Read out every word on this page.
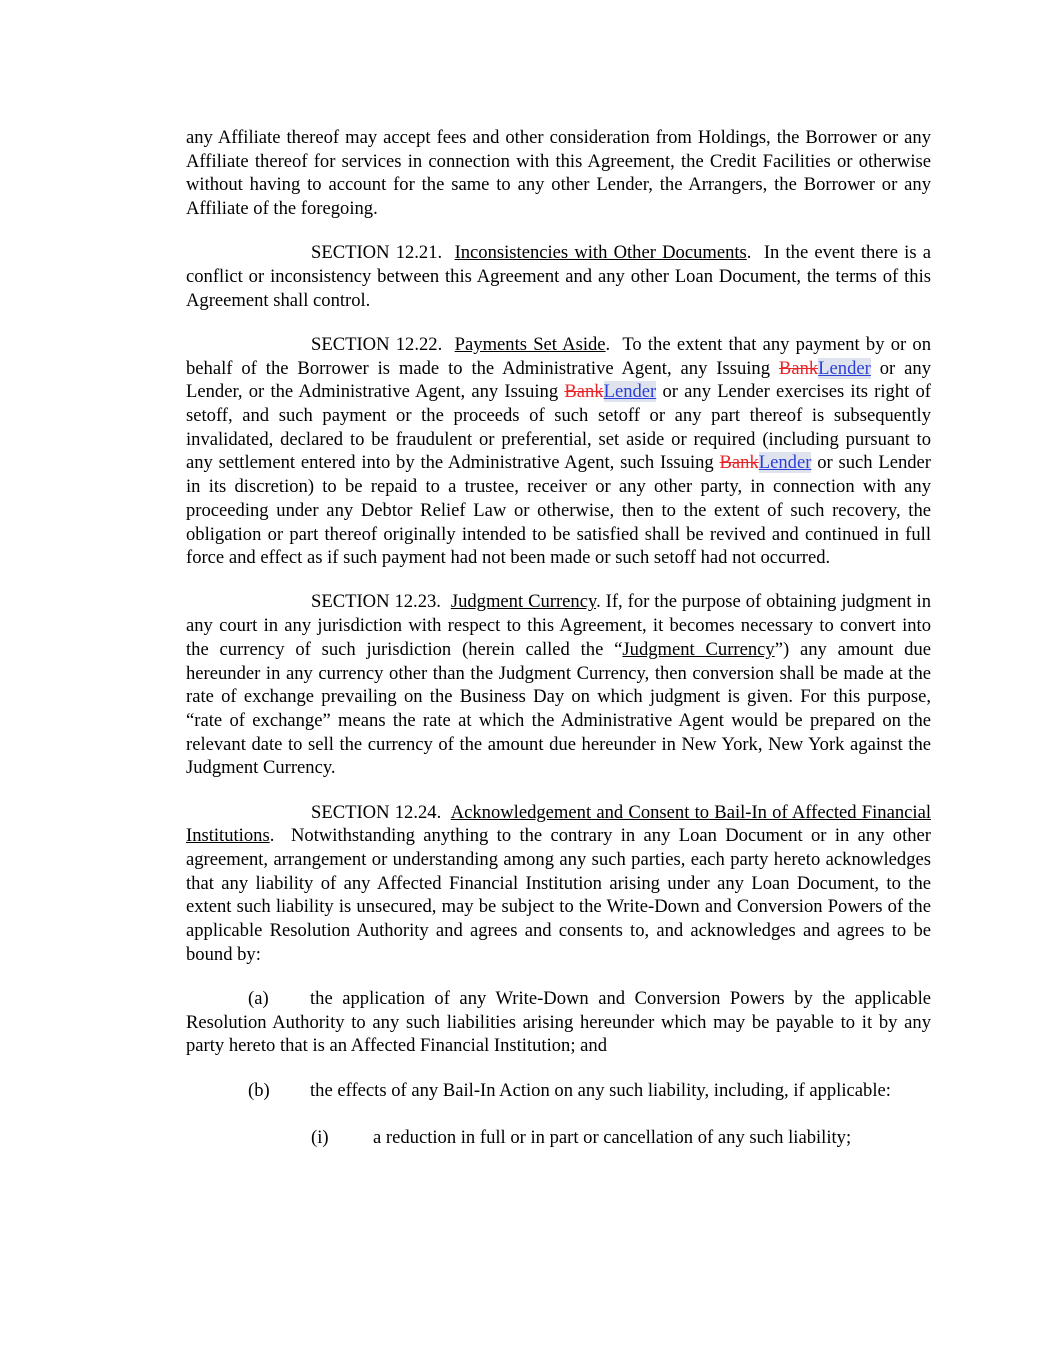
any Affiliate thereof may accept fees and other consideration from Holdings, the Borrower or any Affiliate thereof for services in connection with this Agreement, the Credit Facilities or otherwise without having to account for the same to any other Lender, the Arrangers, the Borrower or any Affiliate of the foregoing.

SECTION 12.21. Inconsistencies with Other Documents.  In the event there is a conflict or inconsistency between this Agreement and any other Loan Document, the terms of this Agreement shall control.

SECTION 12.22. Payments Set Aside.  To the extent that any payment by or on behalf of the Borrower is made to the Administrative Agent, any Issuing BankLender or any Lender, or the Administrative Agent, any Issuing BankLender or any Lender exercises its right of setoff, and such payment or the proceeds of such setoff or any part thereof is subsequently invalidated, declared to be fraudulent or preferential, set aside or required (including pursuant to any settlement entered into by the Administrative Agent, such Issuing BankLender or such Lender in its discretion) to be repaid to a trustee, receiver or any other party, in connection with any proceeding under any Debtor Relief Law or otherwise, then to the extent of such recovery, the obligation or part thereof originally intended to be satisfied shall be revived and continued in full force and effect as if such payment had not been made or such setoff had not occurred.

SECTION 12.23. Judgment Currency. If, for the purpose of obtaining judgment in any court in any jurisdiction with respect to this Agreement, it becomes necessary to convert into the currency of such jurisdiction (herein called the “Judgment Currency”) any amount due hereunder in any currency other than the Judgment Currency, then conversion shall be made at the rate of exchange prevailing on the Business Day on which judgment is given. For this purpose, “rate of exchange” means the rate at which the Administrative Agent would be prepared on the relevant date to sell the currency of the amount due hereunder in New York, New York against the Judgment Currency.

SECTION 12.24. Acknowledgement and Consent to Bail-In of Affected Financial Institutions.  Notwithstanding anything to the contrary in any Loan Document or in any other agreement, arrangement or understanding among any such parties, each party hereto acknowledges that any liability of any Affected Financial Institution arising under any Loan Document, to the extent such liability is unsecured, may be subject to the Write-Down and Conversion Powers of the applicable Resolution Authority and agrees and consents to, and acknowledges and agrees to be bound by:

(a) the application of any Write-Down and Conversion Powers by the applicable Resolution Authority to any such liabilities arising hereunder which may be payable to it by any party hereto that is an Affected Financial Institution; and

(b) the effects of any Bail-In Action on any such liability, including, if applicable:

(i)	a reduction in full or in part or cancellation of any such liability;
